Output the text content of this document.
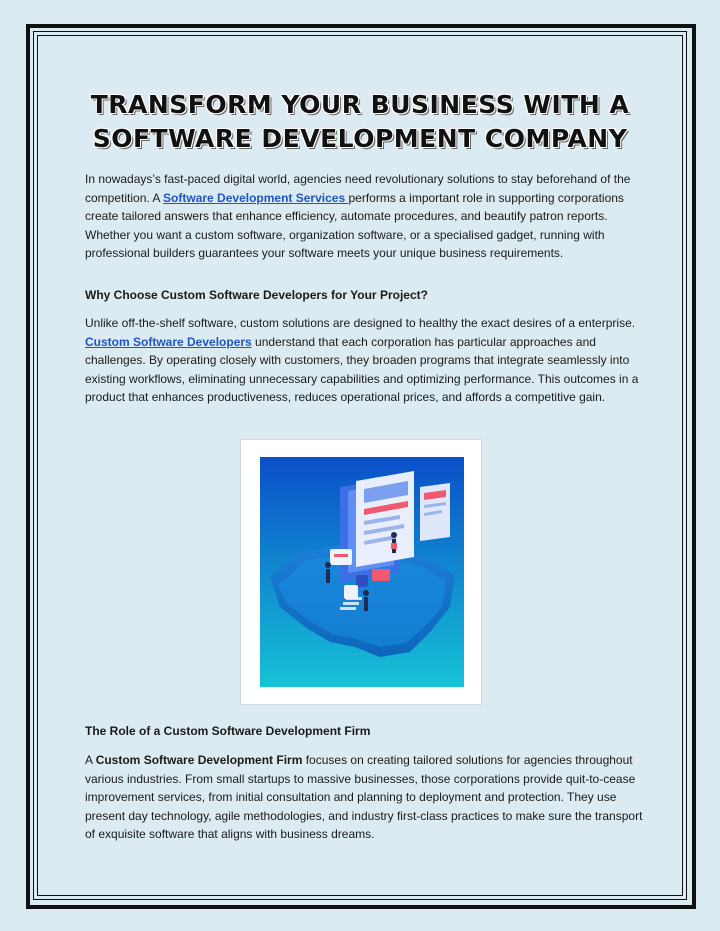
TRANSFORM YOUR BUSINESS WITH A
SOFTWARE DEVELOPMENT COMPANY

In nowadays’s fast-paced digital world, agencies need revolutionary solutions to stay beforehand of the competition. A Software Development Services performs a important role in supporting corporations create tailored answers that enhance efficiency, automate procedures, and beautify patron reports. Whether you want a custom software, organization software, or a specialised gadget, running with professional builders guarantees your software meets your unique business requirements.

Why Choose Custom Software Developers for Your Project?

Unlike off-the-shelf software, custom solutions are designed to healthy the exact desires of a enterprise. Custom Software Developers understand that each corporation has particular approaches and challenges. By operating closely with customers, they broaden programs that integrate seamlessly into existing workflows, eliminating unnecessary capabilities and optimizing performance. This outcomes in a product that enhances productiveness, reduces operational prices, and affords a competitive gain.

The Role of a Custom Software Development Firm

A Custom Software Development Firm focuses on creating tailored solutions for agencies throughout various industries. From small startups to massive businesses, those corporations provide quit-to-cease improvement services, from initial consultation and planning to deployment and protection. They use present day technology, agile methodologies, and industry first-class practices to make sure the transport of exquisite software that aligns with business dreams.
